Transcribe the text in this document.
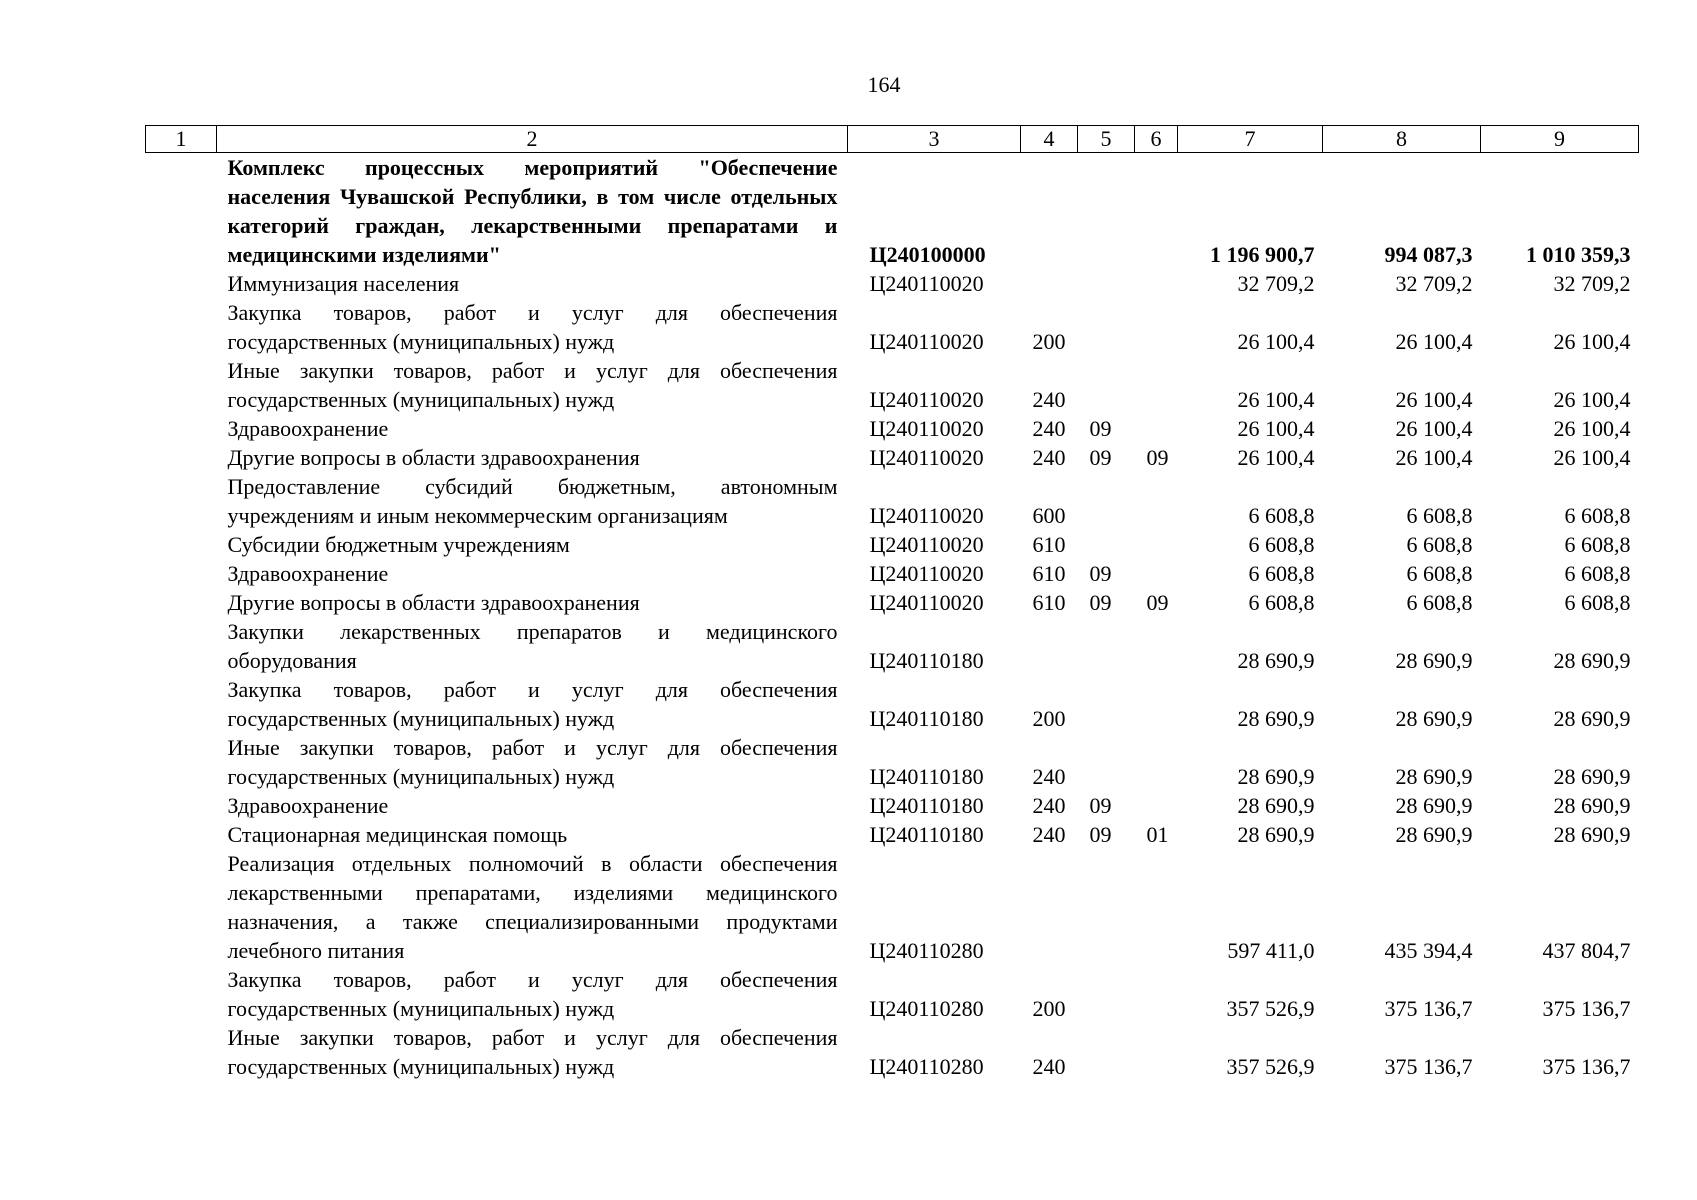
164
1	2	3	4	5	6	7	8	9
	Комплекс процессных мероприятий "Обеспечение населения Чувашской Республики, в том числе отдельных категорий граждан, лекарственными препаратами и медицинскими изделиями"	Ц240100000				1 196 900,7	994 087,3	1 010 359,3
	Иммунизация населения	Ц240110020				32 709,2	32 709,2	32 709,2
	Закупка товаров, работ и услуг для обеспечения государственных (муниципальных) нужд	Ц240110020	200			26 100,4	26 100,4	26 100,4
	Иные закупки товаров, работ и услуг для обеспечения государственных (муниципальных) нужд	Ц240110020	240			26 100,4	26 100,4	26 100,4
	Здравоохранение	Ц240110020	240	09		26 100,4	26 100,4	26 100,4
	Другие вопросы в области здравоохранения	Ц240110020	240	09	09	26 100,4	26 100,4	26 100,4
	Предоставление субсидий бюджетным, автономным учреждениям и иным некоммерческим организациям	Ц240110020	600			6 608,8	6 608,8	6 608,8
	Субсидии бюджетным учреждениям	Ц240110020	610			6 608,8	6 608,8	6 608,8
	Здравоохранение	Ц240110020	610	09		6 608,8	6 608,8	6 608,8
	Другие вопросы в области здравоохранения	Ц240110020	610	09	09	6 608,8	6 608,8	6 608,8
	Закупки лекарственных препаратов и медицинского оборудования	Ц240110180				28 690,9	28 690,9	28 690,9
	Закупка товаров, работ и услуг для обеспечения государственных (муниципальных) нужд	Ц240110180	200			28 690,9	28 690,9	28 690,9
	Иные закупки товаров, работ и услуг для обеспечения государственных (муниципальных) нужд	Ц240110180	240			28 690,9	28 690,9	28 690,9
	Здравоохранение	Ц240110180	240	09		28 690,9	28 690,9	28 690,9
	Стационарная медицинская помощь	Ц240110180	240	09	01	28 690,9	28 690,9	28 690,9
	Реализация отдельных полномочий в области обеспечения лекарственными препаратами, изделиями медицинского назначения, а также специализированными продуктами лечебного питания	Ц240110280				597 411,0	435 394,4	437 804,7
	Закупка товаров, работ и услуг для обеспечения государственных (муниципальных) нужд	Ц240110280	200			357 526,9	375 136,7	375 136,7
	Иные закупки товаров, работ и услуг для обеспечения государственных (муниципальных) нужд	Ц240110280	240			357 526,9	375 136,7	375 136,7
